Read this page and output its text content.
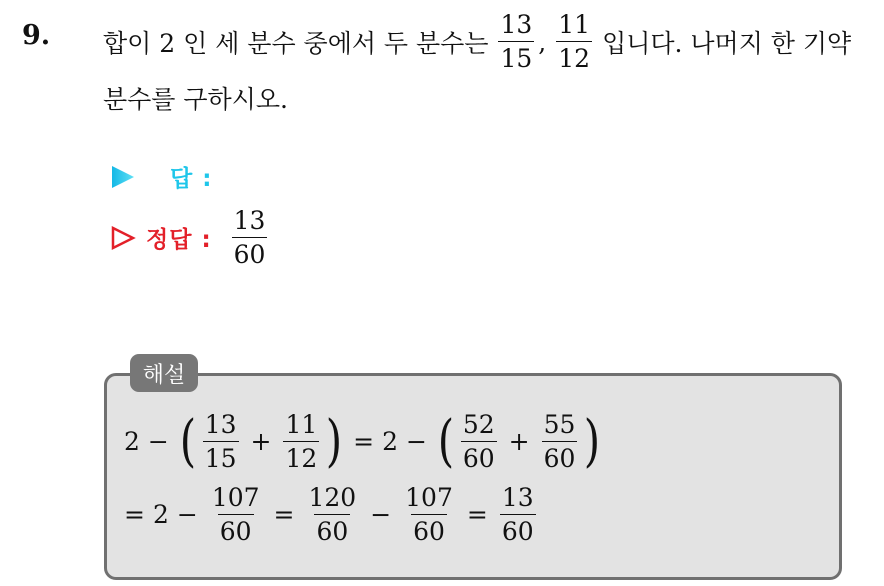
9. 합이 2 인 세 분수 중에서 두 분수는 $\frac{13}{15}$ , $\frac{11}{12}$ 입니다. 나머지 한 기약
분수를 구하시오.
답 :
정답 : $\frac{13}{60}$
해설
2 − ( $\frac{13}{15} + \frac{11}{12}$ ) = 2 − ( $\frac{52}{60} + \frac{55}{60}$ )
= $2 - \frac{107}{60} = \frac{120}{60} - \frac{107}{60} = \frac{13}{60}$
